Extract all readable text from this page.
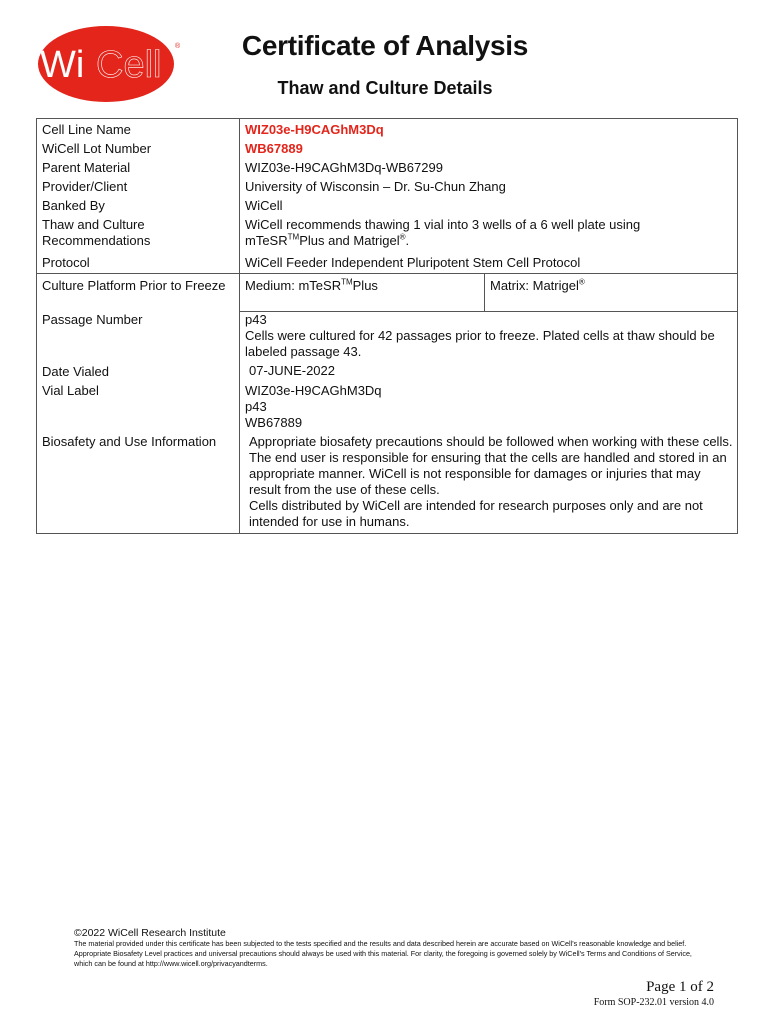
Wi Cell ®	Certificate of Analysis
Thaw and Culture Details
Cell Line Name	WIZ03e-H9CAGhM3Dq
WiCell Lot Number	WB67889
Parent Material	WIZ03e-H9CAGhM3Dq-WB67299
Provider/Client	University of Wisconsin – Dr. Su-Chun Zhang
Banked By	WiCell
Thaw and Culture Recommendations	WiCell recommends thawing 1 vial into 3 wells of a 6 well plate using
mTeSR™Plus and Matrigel®.
Protocol	WiCell Feeder Independent Pluripotent Stem Cell Protocol
Culture Platform Prior to Freeze	Medium: mTeSR™Plus	Matrix: Matrigel®

Passage Number	p43
Cells were cultured for 42 passages prior to freeze. Plated cells at thaw should be labeled passage 43.

Date Vialed	07-JUNE-2022
Vial Label	WIZ03e-H9CAGhM3Dq
p43
WB67889

Biosafety and Use Information	Appropriate biosafety precautions should be followed when working with these cells. The end user is responsible for ensuring that the cells are handled and stored in an appropriate manner. WiCell is not responsible for damages or injuries that may result from the use of these cells.
Cells distributed by WiCell are intended for research purposes only and are not intended for use in humans.
©2022 WiCell Research Institute
The material provided under this certificate has been subjected to the tests specified and the results and data described herein are accurate based on WiCell's reasonable knowledge and belief. Appropriate Biosafety Level practices and universal precautions should always be used with this material. For clarity, the foregoing is governed solely by WiCell's Terms and Conditions of Service, which can be found at http://www.wicell.org/privacyandterms.
Page 1 of 2
Form SOP-232.01 version 4.0
